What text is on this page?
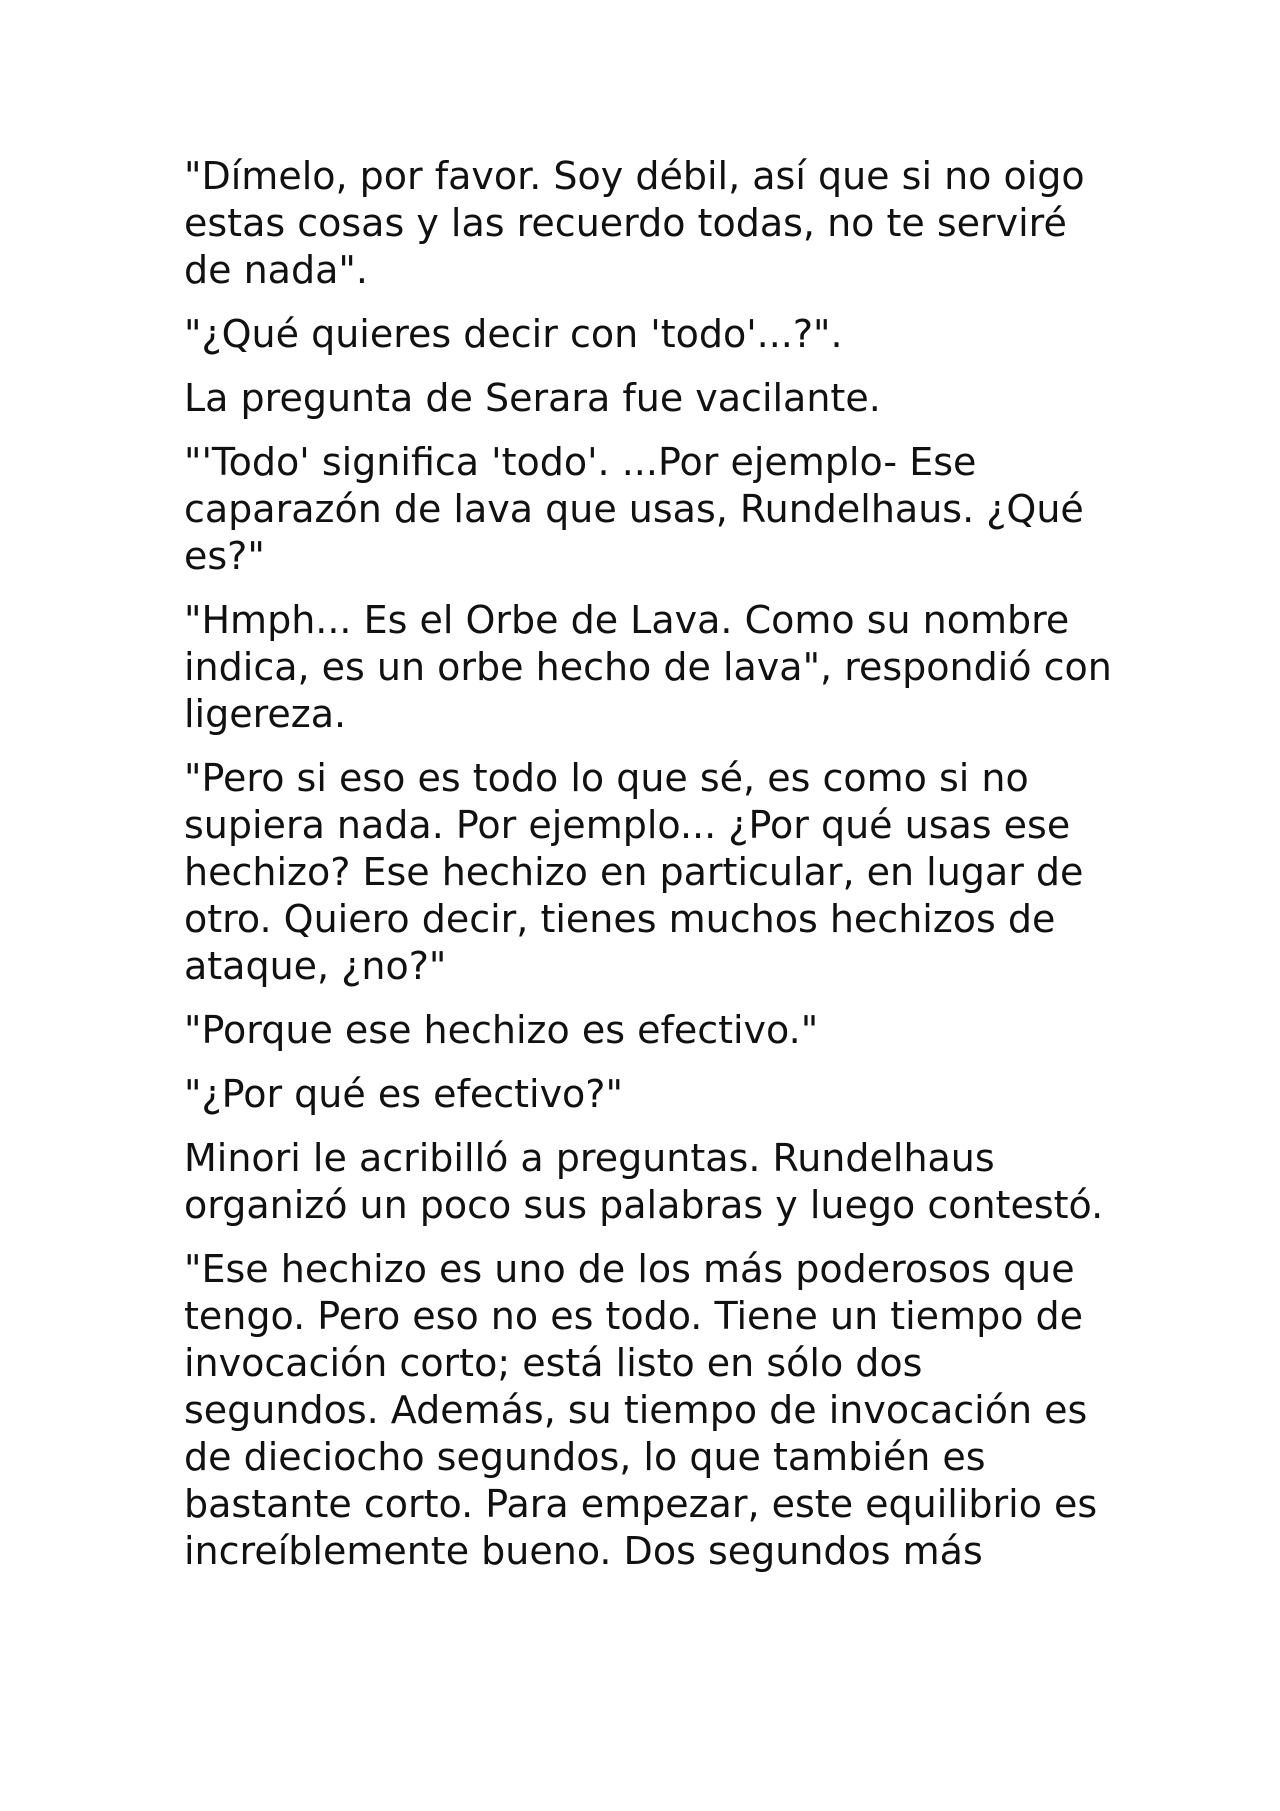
"Dímelo, por favor. Soy débil, así que si no oigo estas cosas y las recuerdo todas, no te serviré de nada".

"¿Qué quieres decir con 'todo'...?".

La pregunta de Serara fue vacilante.

"'Todo' significa 'todo'. ...Por ejemplo- Ese caparazón de lava que usas, Rundelhaus. ¿Qué es?"

"Hmph... Es el Orbe de Lava. Como su nombre indica, es un orbe hecho de lava", respondió con ligereza.

"Pero si eso es todo lo que sé, es como si no supiera nada. Por ejemplo... ¿Por qué usas ese hechizo? Ese hechizo en particular, en lugar de otro. Quiero decir, tienes muchos hechizos de ataque, ¿no?"

"Porque ese hechizo es efectivo."

"¿Por qué es efectivo?"

Minori le acribilló a preguntas. Rundelhaus organizó un poco sus palabras y luego contestó.

"Ese hechizo es uno de los más poderosos que tengo. Pero eso no es todo. Tiene un tiempo de invocación corto; está listo en sólo dos segundos. Además, su tiempo de invocación es de dieciocho segundos, lo que también es bastante corto. Para empezar, este equilibrio es increíblemente bueno. Dos segundos más
